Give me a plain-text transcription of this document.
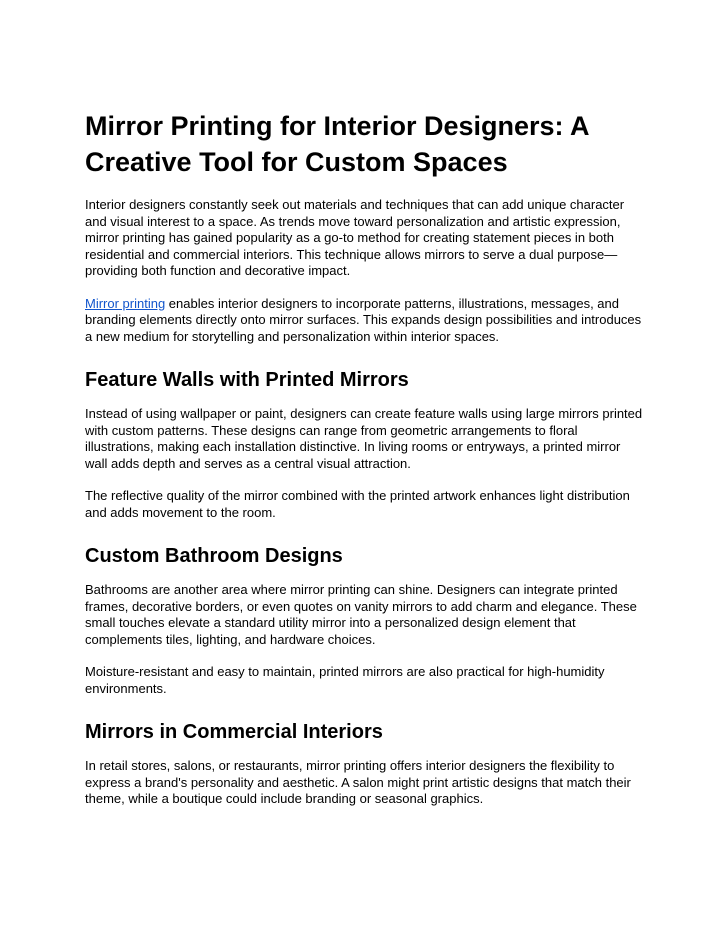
Mirror Printing for Interior Designers: A Creative Tool for Custom Spaces

Interior designers constantly seek out materials and techniques that can add unique character and visual interest to a space. As trends move toward personalization and artistic expression, mirror printing has gained popularity as a go-to method for creating statement pieces in both residential and commercial interiors. This technique allows mirrors to serve a dual purpose—providing both function and decorative impact.

Mirror printing enables interior designers to incorporate patterns, illustrations, messages, and branding elements directly onto mirror surfaces. This expands design possibilities and introduces a new medium for storytelling and personalization within interior spaces.

Feature Walls with Printed Mirrors

Instead of using wallpaper or paint, designers can create feature walls using large mirrors printed with custom patterns. These designs can range from geometric arrangements to floral illustrations, making each installation distinctive. In living rooms or entryways, a printed mirror wall adds depth and serves as a central visual attraction.

The reflective quality of the mirror combined with the printed artwork enhances light distribution and adds movement to the room.

Custom Bathroom Designs

Bathrooms are another area where mirror printing can shine. Designers can integrate printed frames, decorative borders, or even quotes on vanity mirrors to add charm and elegance. These small touches elevate a standard utility mirror into a personalized design element that complements tiles, lighting, and hardware choices.

Moisture-resistant and easy to maintain, printed mirrors are also practical for high-humidity environments.

Mirrors in Commercial Interiors

In retail stores, salons, or restaurants, mirror printing offers interior designers the flexibility to express a brand's personality and aesthetic. A salon might print artistic designs that match their theme, while a boutique could include branding or seasonal graphics.
